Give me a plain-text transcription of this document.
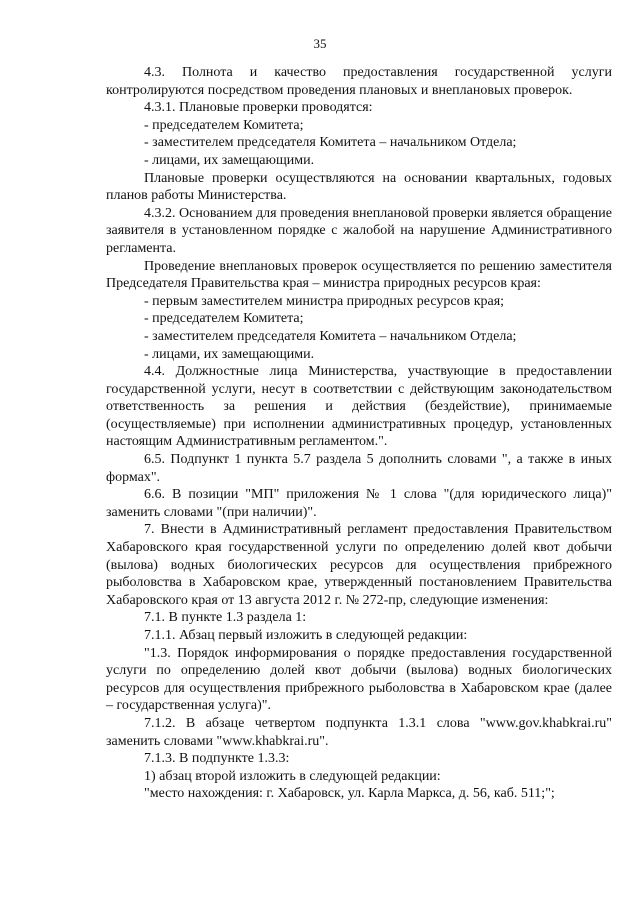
35

4.3. Полнота и качество предоставления государственной услуги контролируются посредством проведения плановых и внеплановых проверок.

4.3.1. Плановые проверки проводятся:

- председателем Комитета;

- заместителем председателя Комитета – начальником Отдела;

- лицами, их замещающими.

Плановые проверки осуществляются на основании квартальных, годовых планов работы Министерства.

4.3.2. Основанием для проведения внеплановой проверки является обращение заявителя в установленном порядке с жалобой на нарушение Административного регламента.

Проведение внеплановых проверок осуществляется по решению заместителя Председателя Правительства края – министра природных ресурсов края:

- первым заместителем министра природных ресурсов края;

- председателем Комитета;

- заместителем председателя Комитета – начальником Отдела;

- лицами, их замещающими.

4.4. Должностные лица Министерства, участвующие в предоставлении государственной услуги, несут в соответствии с действующим законодательством ответственность за решения и действия (бездействие), принимаемые (осуществляемые) при исполнении административных процедур, установленных настоящим Административным регламентом.".

6.5. Подпункт 1 пункта 5.7 раздела 5 дополнить словами ", а также в иных формах".

6.6. В позиции "МП" приложения № 1 слова "(для юридического лица)" заменить словами "(при наличии)".

7. Внести в Административный регламент предоставления Правительством Хабаровского края государственной услуги по определению долей квот добычи (вылова) водных биологических ресурсов для осуществления прибрежного рыболовства в Хабаровском крае, утвержденный постановлением Правительства Хабаровского края от 13 августа 2012 г. № 272-пр, следующие изменения:

7.1. В пункте 1.3 раздела 1:

7.1.1. Абзац первый изложить в следующей редакции:

"1.3. Порядок информирования о порядке предоставления государственной услуги по определению долей квот добычи (вылова) водных биологических ресурсов для осуществления прибрежного рыболовства в Хабаровском крае (далее – государственная услуга)".

7.1.2. В абзаце четвертом подпункта 1.3.1 слова "www.gov.khabkrai.ru" заменить словами "www.khabkrai.ru".

7.1.3. В подпункте 1.3.3:

1) абзац второй изложить в следующей редакции:

"место нахождения: г. Хабаровск, ул. Карла Маркса, д. 56, каб. 511;";
